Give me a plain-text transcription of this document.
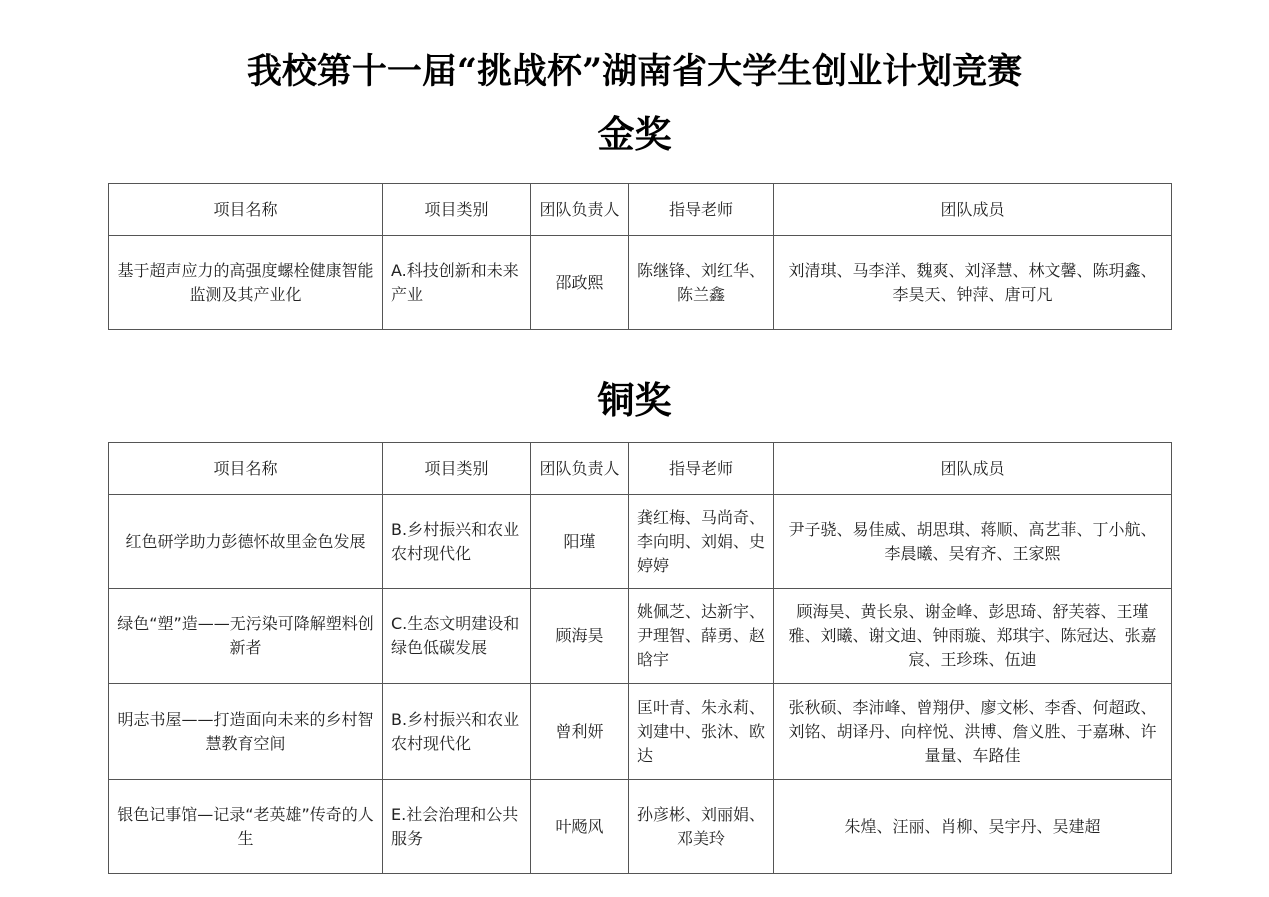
我校第十一届“挑战杯”湖南省大学生创业计划竞赛
金奖
项目名称	项目类别	团队负责人	指导老师	团队成员
基于超声应力的高强度螺栓健康智能监测及其产业化	A.科技创新和未来产业	邵政熙	陈继锋、刘红华、陈兰鑫	刘清琪、马李洋、魏爽、刘泽慧、林文馨、陈玥鑫、李昊天、钟萍、唐可凡
铜奖
项目名称	项目类别	团队负责人	指导老师	团队成员
红色研学助力彭德怀故里金色发展	B.乡村振兴和农业农村现代化	阳瑾	龚红梅、马尚奇、李向明、刘娟、史婷婷	尹子骁、易佳威、胡思琪、蒋顺、高艺菲、丁小航、李晨曦、吴宥齐、王家熙
绿色“塑”造——无污染可降解塑料创新者	C.生态文明建设和绿色低碳发展	顾海昊	姚佩芝、达新宇、尹理智、薛勇、赵晗宇	顾海昊、黄长泉、谢金峰、彭思琦、舒芙蓉、王瑾雅、刘曦、谢文迪、钟雨璇、郑琪宇、陈冠达、张嘉宸、王珍珠、伍迪
明志书屋——打造面向未来的乡村智慧教育空间	B.乡村振兴和农业农村现代化	曾利妍	匡叶青、朱永莉、刘建中、张沐、欧达	张秋硕、李沛峰、曾翔伊、廖文彬、李香、何超政、刘铭、胡译丹、向梓悦、洪博、詹义胜、于嘉琳、许量量、车路佳
银色记事馆—记录“老英雄”传奇的人生	E.社会治理和公共服务	叶飏风	孙彦彬、刘丽娟、邓美玲	朱煌、汪丽、肖柳、吴宇丹、吴建超
